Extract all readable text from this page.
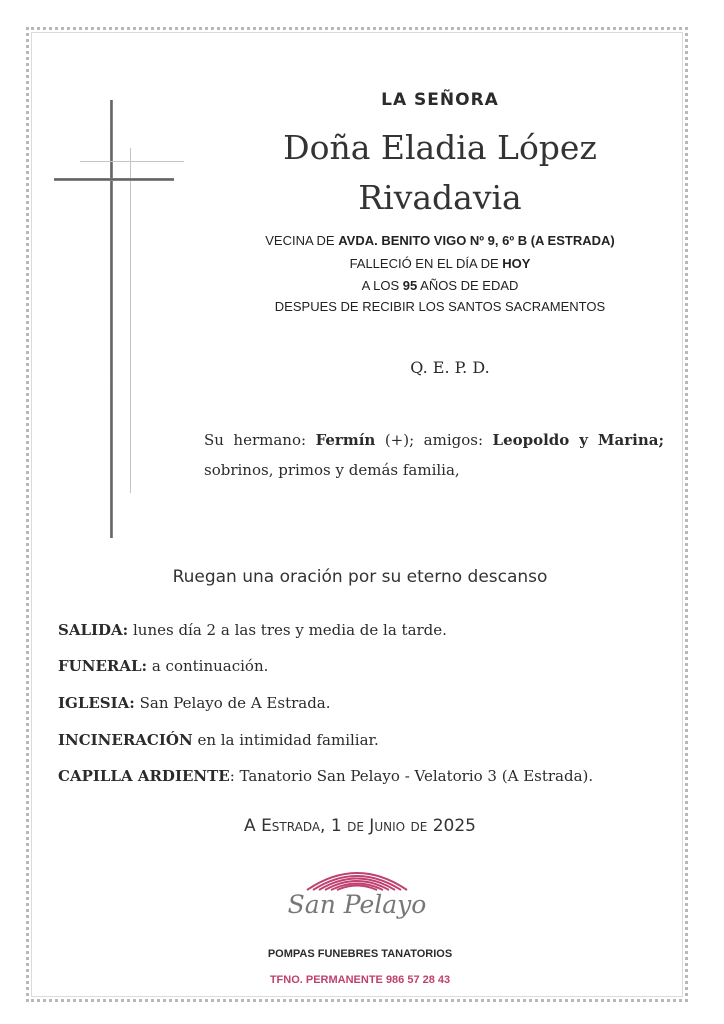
LA SEÑORA
Doña Eladia López
Rivadavia
VECINA DE AVDA. BENITO VIGO Nº 9, 6º B (A ESTRADA)
FALLECIÓ EN EL DÍA DE HOY
A LOS 95 AÑOS DE EDAD
DESPUES DE RECIBIR LOS SANTOS SACRAMENTOS
Q. E. P. D.
Su hermano: Fermín (+); amigos: Leopoldo y Marina;
sobrinos, primos y demás familia,
Ruegan una oración por su eterno descanso
SALIDA: lunes día 2 a las tres y media de la tarde.
FUNERAL: a continuación.
IGLESIA: San Pelayo de A Estrada.
INCINERACIÓN en la intimidad familiar.
CAPILLA ARDIENTE: Tanatorio San Pelayo - Velatorio 3 (A Estrada).
A Estrada, 1 de Junio de 2025
San Pelayo
POMPAS FUNEBRES TANATORIOS
TFNO. PERMANENTE 986 57 28 43
